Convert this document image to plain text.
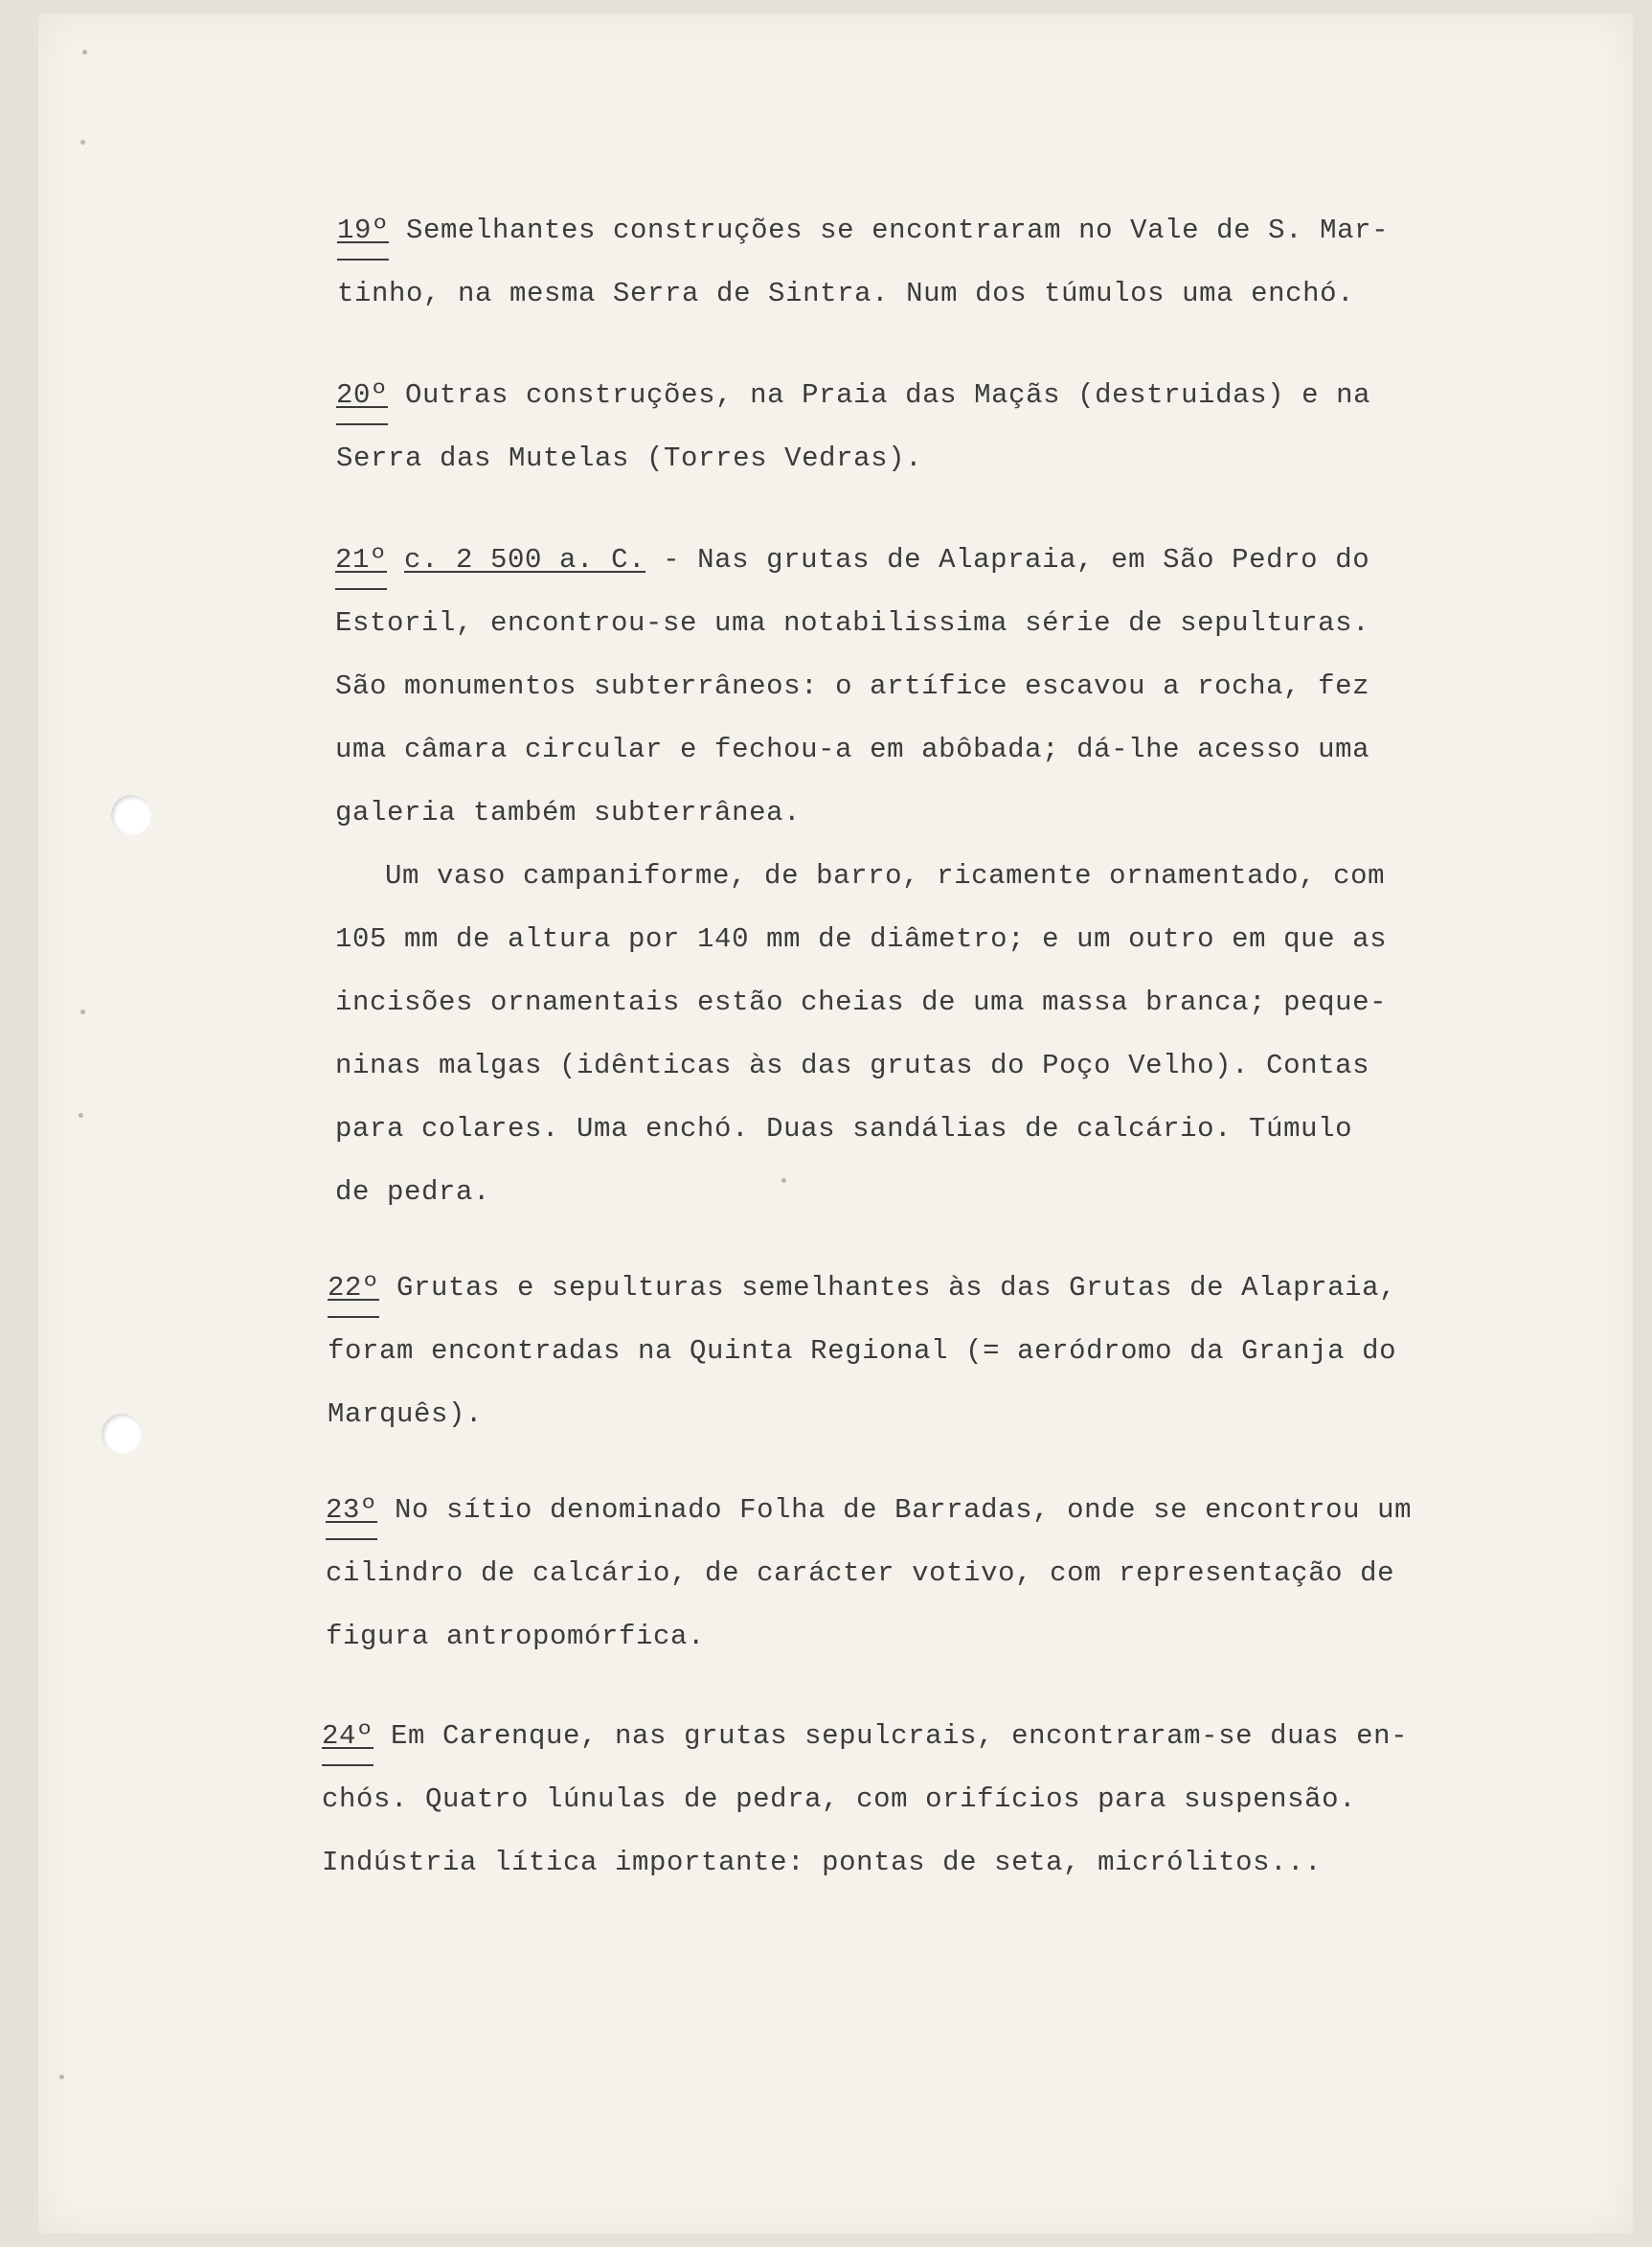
19º Semelhantes construções se encontraram no Vale de S. Mar-
tinho, na mesma Serra de Sintra. Num dos túmulos uma enchó.
20º Outras construções, na Praia das Maçãs (destruidas) e na
Serra das Mutelas (Torres Vedras).
21º c. 2 500 a. C. - Nas grutas de Alapraia, em São Pedro do
Estoril, encontrou-se uma notabilissima série de sepulturas.
São monumentos subterrâneos: o artífice escavou a rocha, fez
uma câmara circular e fechou-a em abôbada; dá-lhe acesso uma
galeria também subterrânea.
Um vaso campaniforme, de barro, ricamente ornamentado, com
105 mm de altura por 140 mm de diâmetro; e um outro em que as
incisões ornamentais estão cheias de uma massa branca; peque-
ninas malgas (idênticas às das grutas do Poço Velho). Contas
para colares. Uma enchó. Duas sandálias de calcário. Túmulo
de pedra.
22º Grutas e sepulturas semelhantes às das Grutas de Alapraia,
foram encontradas na Quinta Regional (= aeródromo da Granja do
Marquês).
23º No sítio denominado Folha de Barradas, onde se encontrou um
cilindro de calcário, de carácter votivo, com representação de
figura antropomórfica.
24º Em Carenque, nas grutas sepulcrais, encontraram-se duas en-
chós. Quatro lúnulas de pedra, com orifícios para suspensão.
Indústria lítica importante: pontas de seta, micrólitos...
